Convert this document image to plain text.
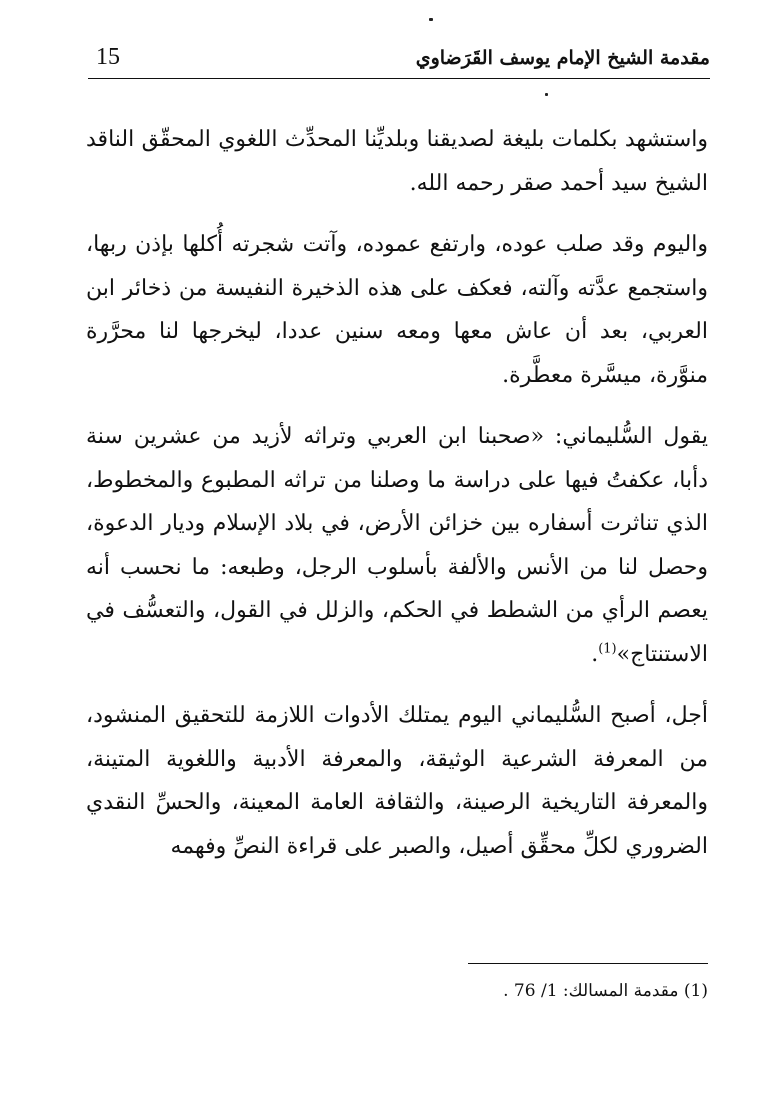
15	مقدمة الشيخ الإمام يوسف القَرَضاوي

واستشهد بكلمات بليغة لصديقنا وبلديِّنا المحدِّث اللغوي المحقّق الناقد الشيخ سيد أحمد صقر رحمه الله.

واليوم وقد صلب عوده، وارتفع عموده، وآتت شجرته أُكلها بإذن ربها، واستجمع عدَّته وآلته، فعكف على هذه الذخيرة النفيسة من ذخائر ابن العربي، بعد أن عاش معها ومعه سنين عددا، ليخرجها لنا محرَّرة منوَّرة، ميسَّرة معطَّرة.

يقول السُّليماني: «صحبنا ابن العربي وتراثه لأزيد من عشرين سنة دأبا، عكفتُ فيها على دراسة ما وصلنا من تراثه المطبوع والمخطوط، الذي تناثرت أسفاره بين خزائن الأرض، في بلاد الإسلام وديار الدعوة، وحصل لنا من الأنس والألفة بأسلوب الرجل، وطبعه: ما نحسب أنه يعصم الرأي من الشطط في الحكم، والزلل في القول، والتعسُّف في الاستنتاج»$^{(1)}$.

أجل، أصبح السُّليماني اليوم يمتلك الأدوات اللازمة للتحقيق المنشود، من المعرفة الشرعية الوثيقة، والمعرفة الأدبية واللغوية المتينة، والمعرفة التاريخية الرصينة، والثقافة العامة المعينة، والحسِّ النقدي الضروري لكلِّ محقِّق أصيل، والصبر على قراءة النصِّ وفهمه

(1) مقدمة المسالك: 1/ 76 .
